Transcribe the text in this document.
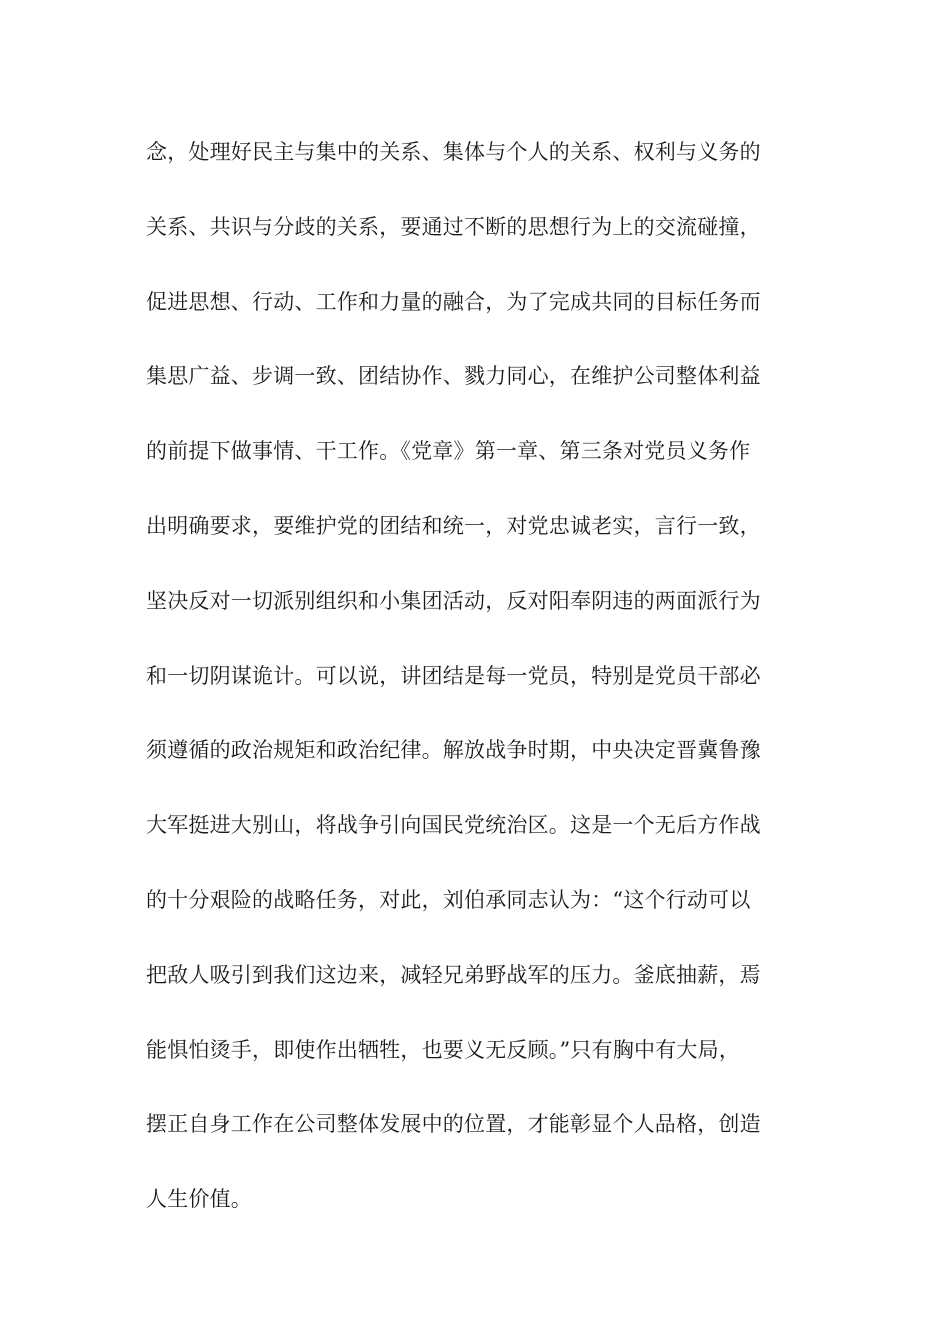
念，处理好民主与集中的关系、集体与个人的关系、权利与义务的
关系、共识与分歧的关系，要通过不断的思想行为上的交流碰撞，
促进思想、行动、工作和力量的融合，为了完成共同的目标任务而
集思广益、步调一致、团结协作、戮力同心，在维护公司整体利益
的前提下做事情、干工作。《党章》第一章、第三条对党员义务作
出明确要求，要维护党的团结和统一，对党忠诚老实，言行一致，
坚决反对一切派别组织和小集团活动，反对阳奉阴违的两面派行为
和一切阴谋诡计。可以说，讲团结是每一党员，特别是党员干部必
须遵循的政治规矩和政治纪律。解放战争时期，中央决定晋冀鲁豫
大军挺进大别山，将战争引向国民党统治区。这是一个无后方作战
的十分艰险的战略任务，对此，刘伯承同志认为：“这个行动可以
把敌人吸引到我们这边来，减轻兄弟野战军的压力。釜底抽薪，焉
能惧怕烫手，即使作出牺牲，也要义无反顾。”只有胸中有大局，
摆正自身工作在公司整体发展中的位置，才能彰显个人品格，创造
人生价值。
